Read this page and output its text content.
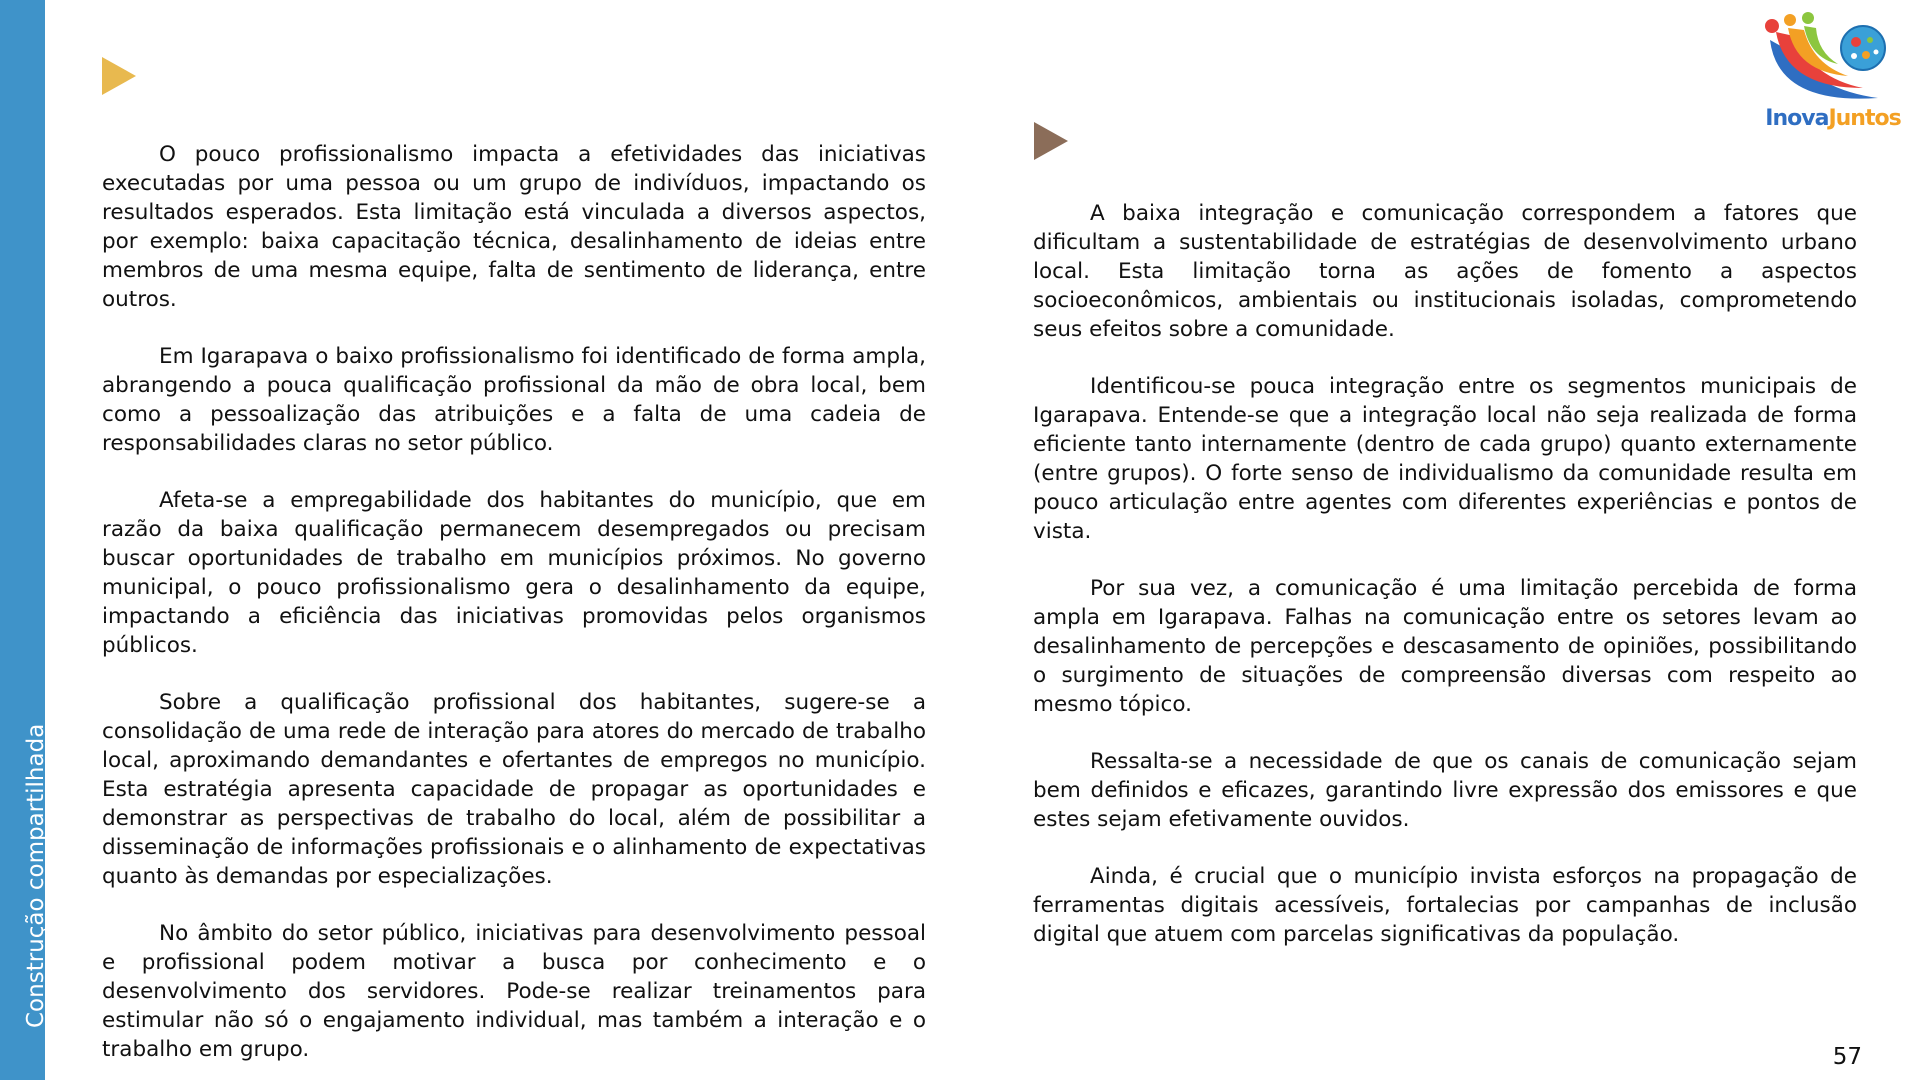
Construção compartilhada

O pouco profissionalismo impacta a efetividades das iniciativas executadas por uma pessoa ou um grupo de indivíduos, impactando os resultados esperados. Esta limitação está vinculada a diversos aspectos, por exemplo: baixa capacitação técnica, desalinhamento de ideias entre membros de uma mesma equipe, falta de sentimento de liderança, entre outros.

Em Igarapava o baixo profissionalismo foi identificado de forma ampla, abrangendo a pouca qualificação profissional da mão de obra local, bem como a pessoalização das atribuições e a falta de uma cadeia de responsabilidades claras no setor público.

Afeta-se a empregabilidade dos habitantes do município, que em razão da baixa qualificação permanecem desempregados ou precisam buscar oportunidades de trabalho em municípios próximos. No governo municipal, o pouco profissionalismo gera o desalinhamento da equipe, impactando a eficiência das iniciativas promovidas pelos organismos públicos.

Sobre a qualificação profissional dos habitantes, sugere-se a consolidação de uma rede de interação para atores do mercado de trabalho local, aproximando demandantes e ofertantes de empregos no município. Esta estratégia apresenta capacidade de propagar as oportunidades e demonstrar as perspectivas de trabalho do local, além de possibilitar a disseminação de informações profissionais e o alinhamento de expectativas quanto às demandas por especializações.

No âmbito do setor público, iniciativas para desenvolvimento pessoal e profissional podem motivar a busca por conhecimento e o desenvolvimento dos servidores. Pode-se realizar treinamentos para estimular não só o engajamento individual, mas também a interação e o trabalho em grupo.

A baixa integração e comunicação correspondem a fatores que dificultam a sustentabilidade de estratégias de desenvolvimento urbano local. Esta limitação torna as ações de fomento a aspectos socioeconômicos, ambientais ou institucionais isoladas, comprometendo seus efeitos sobre a comunidade.

Identificou-se pouca integração entre os segmentos municipais de Igarapava. Entende-se que a integração local não seja realizada de forma eficiente tanto internamente (dentro de cada grupo) quanto externamente (entre grupos). O forte senso de individualismo da comunidade resulta em pouco articulação entre agentes com diferentes experiências e pontos de vista.

Por sua vez, a comunicação é uma limitação percebida de forma ampla em Igarapava. Falhas na comunicação entre os setores levam ao desalinhamento de percepções e descasamento de opiniões, possibilitando o surgimento de situações de compreensão diversas com respeito ao mesmo tópico.

Ressalta-se a necessidade de que os canais de comunicação sejam bem definidos e eficazes, garantindo livre expressão dos emissores e que estes sejam efetivamente ouvidos.

Ainda, é crucial que o município invista esforços na propagação de ferramentas digitais acessíveis, fortalecias por campanhas de inclusão digital que atuem com parcelas significativas da população.

InovaJuntos
57
